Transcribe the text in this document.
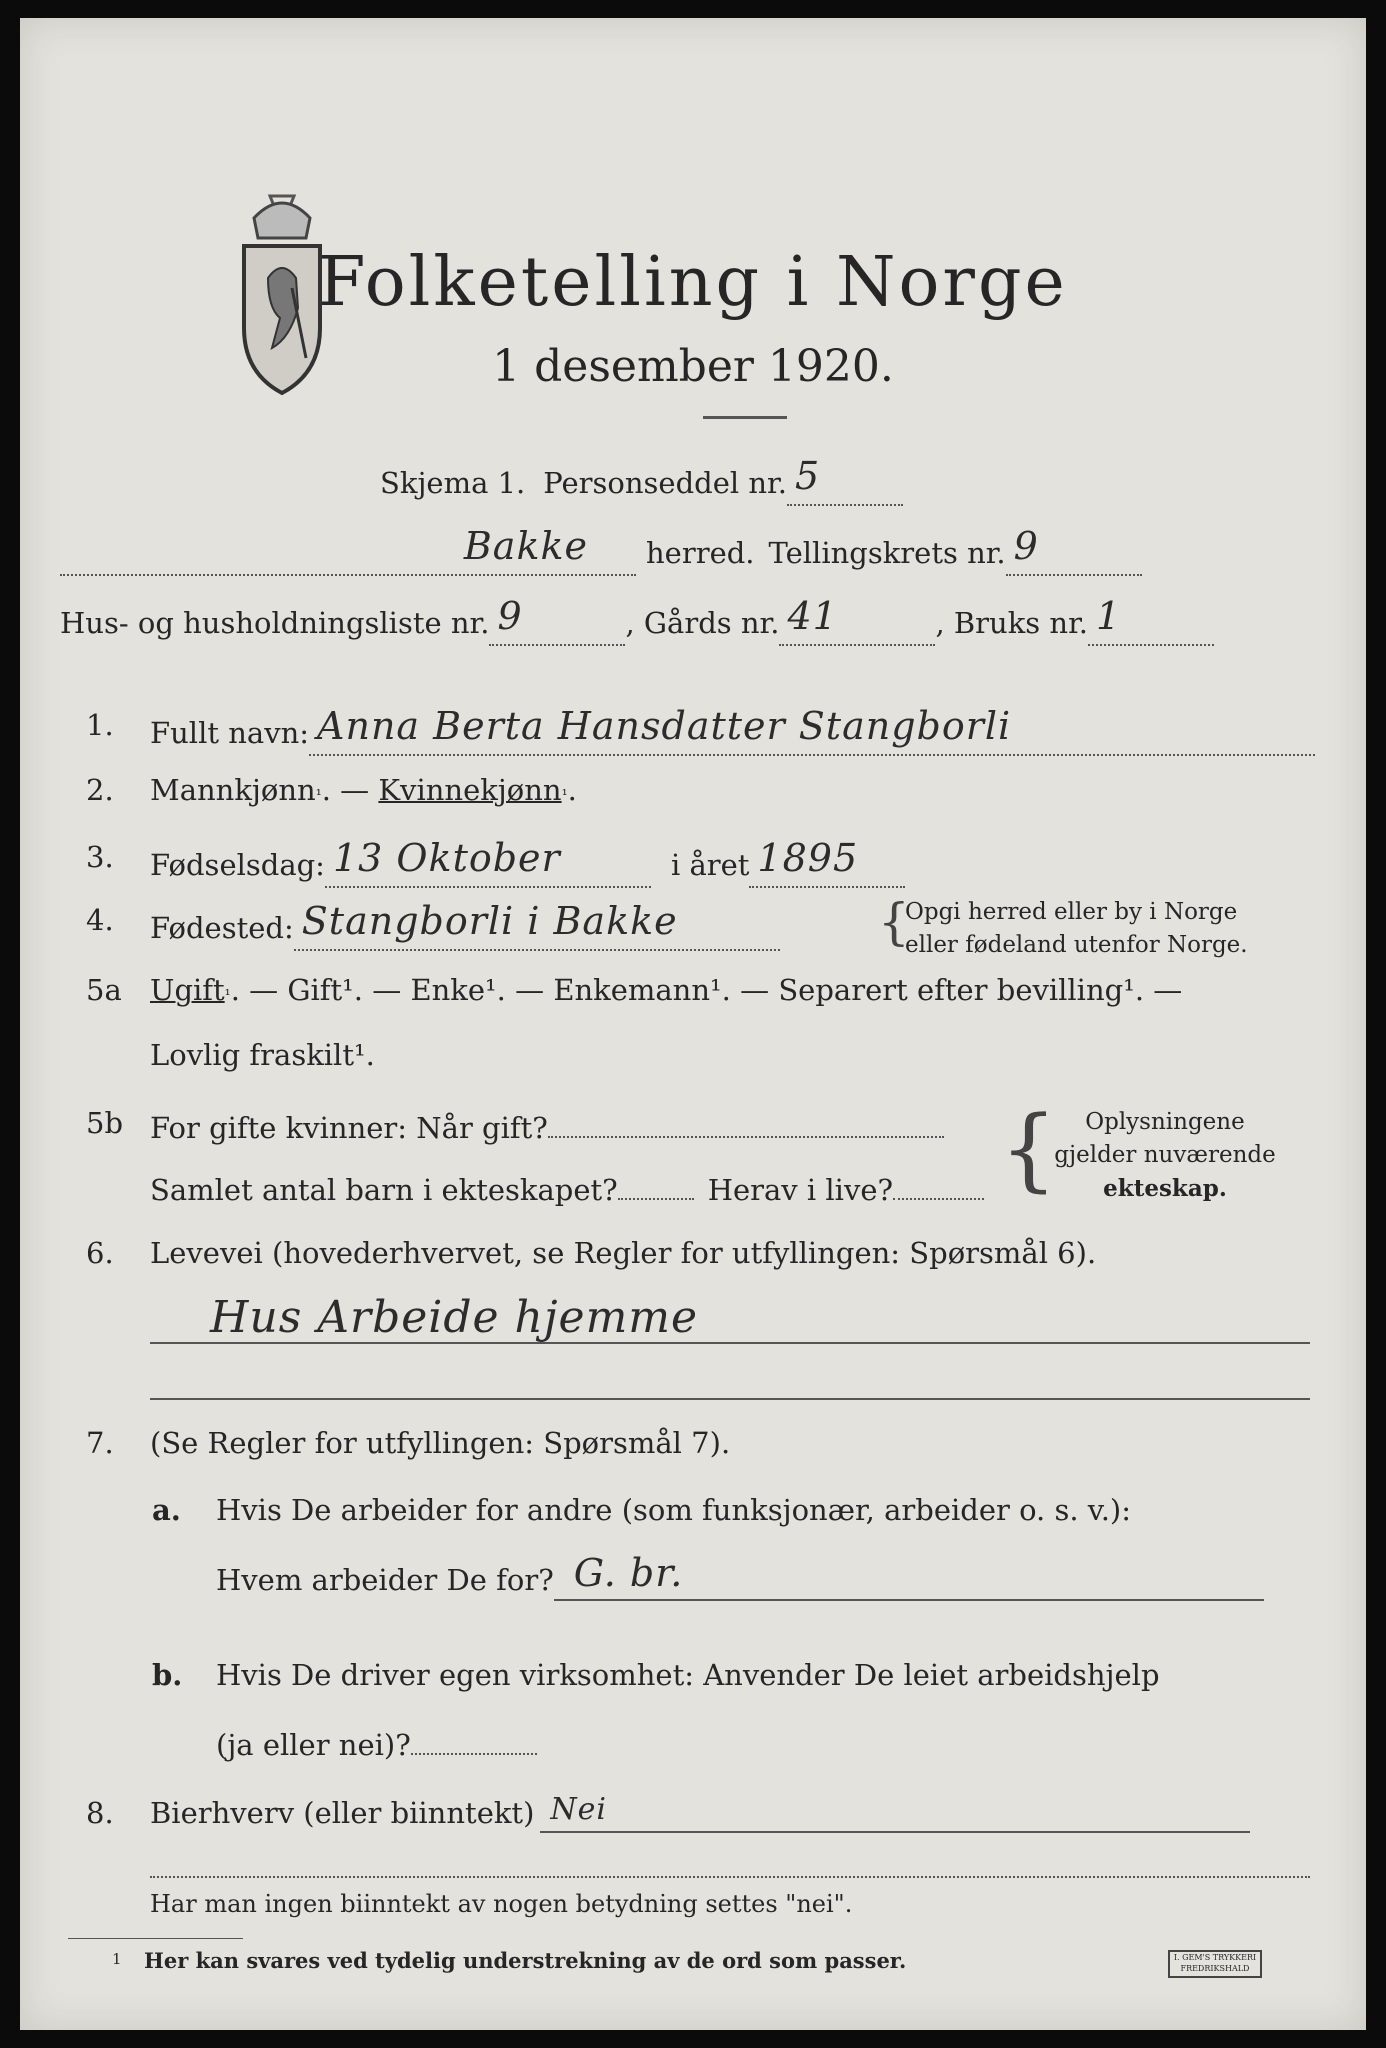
Folketelling i Norge
1 desember 1920.
Skjema 1. Personseddel nr. 5
Bakke herred. Tellingskrets nr. 9
Hus- og husholdningsliste nr. 9	, Gårds nr. 41	, Bruks nr. 1
1. Fullt navn: Anna Berta Hansdatter Stangborli
2. Mannkjønn ¹ . — Kvinnekjønn ¹ .
3. Fødselsdag: 13 Oktober	i året 1895
4. Fødested: Stangborli i Bakke	{
Opgi herred eller by i Norge
eller fødeland utenfor Norge.
5a Ugift ¹ . — Gift¹. — Enke¹. — Enkemann¹. — Separert efter bevilling¹. —
Lovlig fraskilt¹.
5b For gifte kvinner: Når gift?
Samlet antal barn i ekteskapet?	Herav i live? {	Oplysningene
gjelder nuværende
ekteskap.
6. Levevei (hovederhvervet, se Regler for utfyllingen: Spørsmål 6).
Hus Arbeide hjemme
7. (Se Regler for utfyllingen: Spørsmål 7).
a. Hvis De arbeider for andre (som funksjonær, arbeider o. s. v.):
Hvem arbeider De for? G. br.
b. Hvis De driver egen virksomhet: Anvender De leiet arbeidshjelp
(ja eller nei)?
8. Bierhverv (eller biinntekt) Nei
Har man ingen biinntekt av nogen betydning settes "nei".
1 Her kan svares ved tydelig understrekning av de ord som passer.	I. GEM'S TRYKKERI FREDRIKSHALD
